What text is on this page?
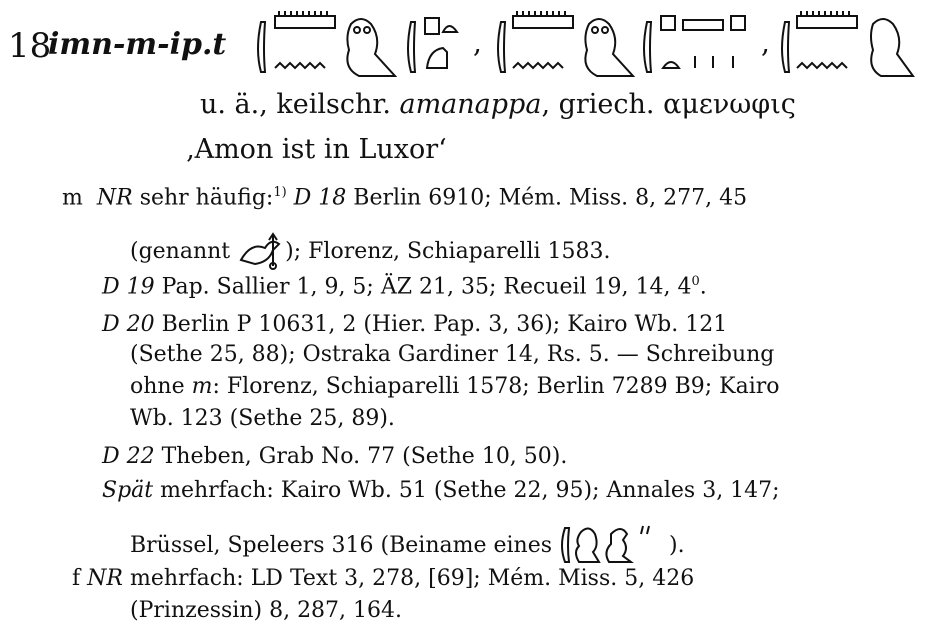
18
imn-m-ip.t	,	,
u. ä., keilschr. amanappa, griech. αμενωφις
‚Amon ist in Luxor‘
m NR sehr häufig:$^{1)}$ D 18 Berlin 6910; Mém. Miss. 8, 277, 45
(genannt ); Florenz, Schiaparelli 1583.
D 19 Pap. Sallier 1, 9, 5; ÄZ 21, 35; Recueil 19, 14, $4^0$.
D 20 Berlin P 10631, 2 (Hier. Pap. 3, 36); Kairo Wb. 121
(Sethe 25, 88); Ostraka Gardiner 14, Rs. 5. — Schreibung
ohne m: Florenz, Schiaparelli 1578; Berlin 7289 B9; Kairo
Wb. 123 (Sethe 25, 89).
D 22 Theben, Grab No. 77 (Sethe 10, 50).
Spät mehrfach: Kairo Wb. 51 (Sethe 22, 95); Annales 3, 147;
Brüssel, Speleers 316 (Beiname eines	).
f NR mehrfach: LD Text 3, 278, [69]; Mém. Miss. 5, 426
(Prinzessin) 8, 287, 164.
